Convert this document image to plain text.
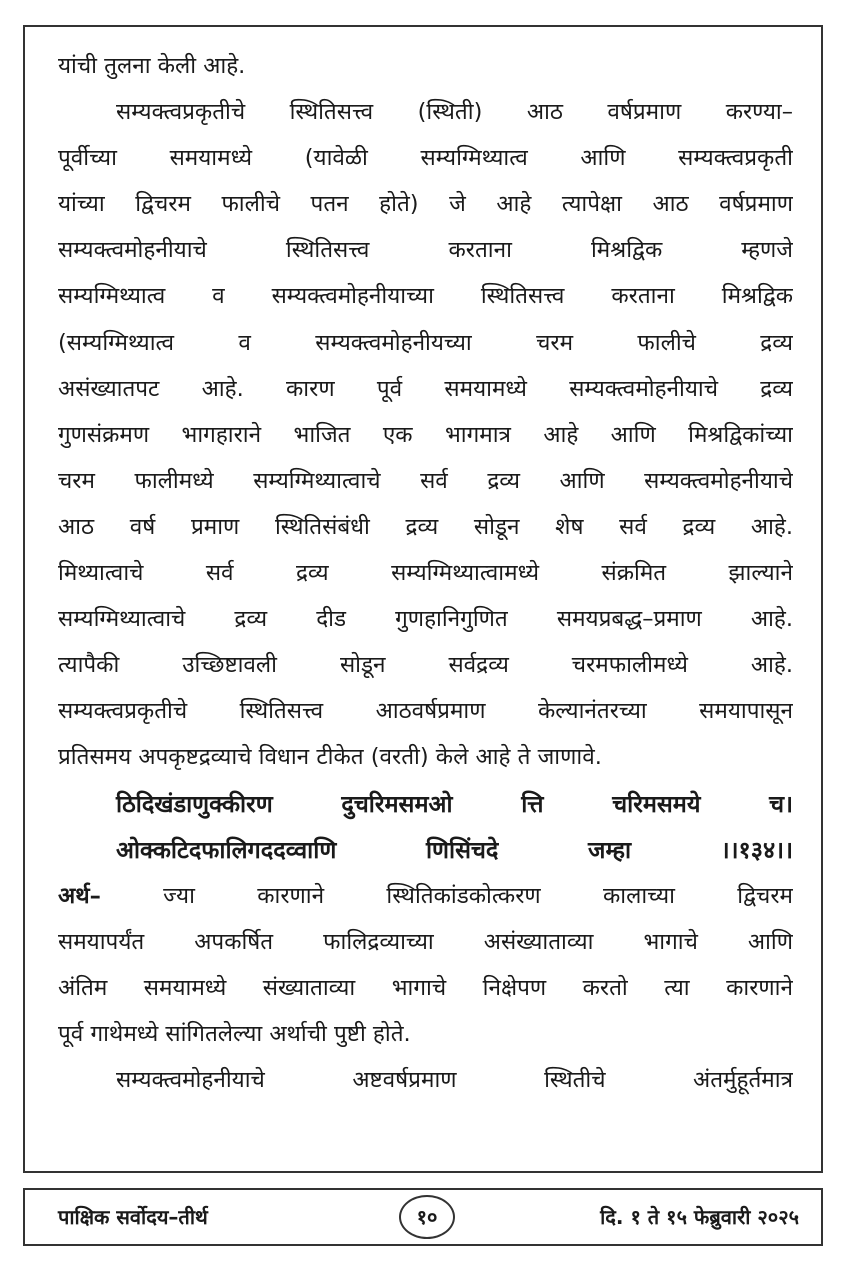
यांची तुलना केली आहे.
सम्यक्त्वप्रकृतीचे स्थितिसत्त्व (स्थिती) आठ वर्षप्रमाण करण्या–
पूर्वीच्या समयामध्ये (यावेळी सम्यग्मिथ्यात्व आणि सम्यक्त्वप्रकृती
यांच्या द्विचरम फालीचे पतन होते) जे आहे त्यापेक्षा आठ वर्षप्रमाण
सम्यक्त्वमोहनीयाचे स्थितिसत्त्व करताना मिश्रद्विक म्हणजे
सम्यग्मिथ्यात्व व सम्यक्त्वमोहनीयाच्या स्थितिसत्त्व करताना मिश्रद्विक
(सम्यग्मिथ्यात्व व सम्यक्त्वमोहनीयच्या चरम फालीचे द्रव्य
असंख्यातपट आहे. कारण पूर्व समयामध्ये सम्यक्त्वमोहनीयाचे द्रव्य
गुणसंक्रमण भागहाराने भाजित एक भागमात्र आहे आणि मिश्रद्विकांच्या
चरम फालीमध्ये सम्यग्मिथ्यात्वाचे सर्व द्रव्य आणि सम्यक्त्वमोहनीयाचे
आठ वर्ष प्रमाण स्थितिसंबंधी द्रव्य सोडून शेष सर्व द्रव्य आहे.
मिथ्यात्वाचे सर्व द्रव्य सम्यग्मिथ्यात्वामध्ये संक्रमित झाल्याने
सम्यग्मिथ्यात्वाचे द्रव्य दीड गुणहानिगुणित समयप्रबद्ध–प्रमाण आहे.
त्यापैकी उच्छिष्टावली सोडून सर्वद्रव्य चरमफालीमध्ये आहे.
सम्यक्त्वप्रकृतीचे स्थितिसत्त्व आठवर्षप्रमाण केल्यानंतरच्या समयापासून
प्रतिसमय अपकृष्टद्रव्याचे विधान टीकेत (वरती) केले आहे ते जाणावे.
ठिदिखंडाणुक्कीरण दुचरिमसमओ त्ति चरिमसमये च।
ओक्कटिदफालिगददव्वाणि णिसिंचदे जम्हा ।।१३४।।
अर्थ–	ज्या कारणाने स्थितिकांडकोत्करण कालाच्या द्विचरम
समयापर्यंत अपकर्षित फालिद्रव्याच्या असंख्याताव्या भागाचे आणि
अंतिम समयामध्ये संख्याताव्या भागाचे निक्षेपण करतो त्या कारणाने
पूर्व गाथेमध्ये सांगितलेल्या अर्थाची पुष्टी होते.
सम्यक्त्वमोहनीयाचे अष्टवर्षप्रमाण स्थितीचे अंतर्मुहूर्तमात्र
पाक्षिक सर्वोदय–तीर्थ	१०	दि. १ ते १५ फेब्रुवारी २०२५
